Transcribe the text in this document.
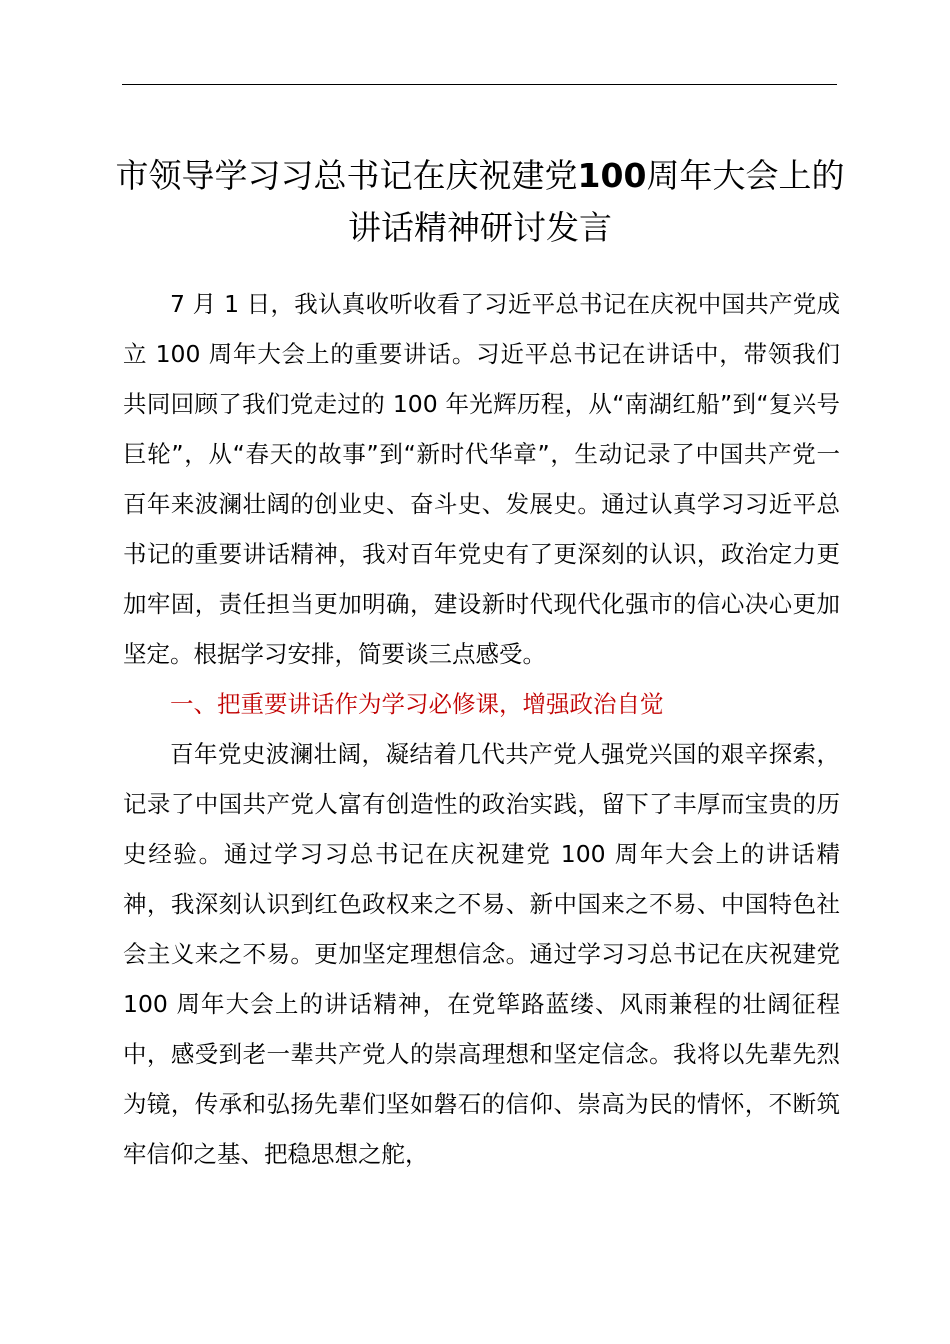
市领导学习习总书记在庆祝建党100周年大会上的讲话精神研讨发言

7 月 1 日，我认真收听收看了习近平总书记在庆祝中国共产党成立 100 周年大会上的重要讲话。习近平总书记在讲话中，带领我们共同回顾了我们党走过的 100 年光辉历程，从“南湖红船”到“复兴号巨轮”，从“春天的故事”到“新时代华章”，生动记录了中国共产党一百年来波澜壮阔的创业史、奋斗史、发展史。通过认真学习习近平总书记的重要讲话精神，我对百年党史有了更深刻的认识，政治定力更加牢固，责任担当更加明确，建设新时代现代化强市的信心决心更加坚定。根据学习安排，简要谈三点感受。

一、把重要讲话作为学习必修课，增强政治自觉

百年党史波澜壮阔，凝结着几代共产党人强党兴国的艰辛探索，记录了中国共产党人富有创造性的政治实践，留下了丰厚而宝贵的历史经验。通过学习习总书记在庆祝建党 100 周年大会上的讲话精神，我深刻认识到红色政权来之不易、新中国来之不易、中国特色社会主义来之不易。更加坚定理想信念。通过学习习总书记在庆祝建党 100 周年大会上的讲话精神，在党筚路蓝缕、风雨兼程的壮阔征程中，感受到老一辈共产党人的崇高理想和坚定信念。我将以先辈先烈为镜，传承和弘扬先辈们坚如磐石的信仰、崇高为民的情怀，不断筑牢信仰之基、把稳思想之舵，
